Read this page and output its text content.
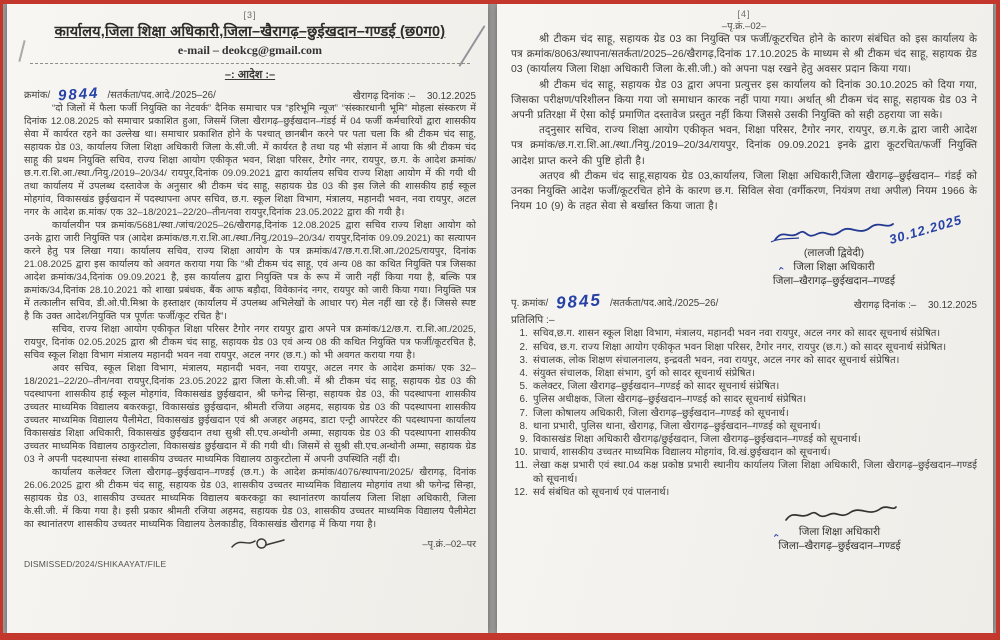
[3]
कार्यालय,जिला शिक्षा अधिकारी,जिला–खैरागढ़–छुईखदान–गण्डई (छ0ग0)
e-mail – deokcg@gmail.com
–: आदेश :–
क्रमांक/ 9844 /सतर्कता/पद.आदे./2025–26/	खैरागढ़ दिनांक :– 30.12.2025

“दो जिलों में फैला फर्जी नियुक्ति का नेटवर्क” दैनिक समाचार पत्र “हरिभूमि न्यूज” “संस्कारधानी भूमि” मोहला संस्करण में दिनांक 12.08.2025 को समाचार प्रकाशित हुआ, जिसमें जिला खैरागढ़–छुईखदान–गंडई में 04 फर्जी कर्मचारियों द्वारा शासकीय सेवा में कार्यरत रहने का उल्लेख था। समाचार प्रकाशित होने के पश्चात् छानबीन करने पर पता चला कि श्री टीकम चंद साहू, सहायक ग्रेड 03, कार्यालय जिला शिक्षा अधिकारी जिला के.सी.जी. में कार्यरत है तथा यह भी संज्ञान में आया कि श्री टीकम चंद साहू की प्रथम नियुक्ति सचिव, राज्य शिक्षा आयोग एकीकृत भवन, शिक्षा परिसर, टैगोर नगर, रायपुर, छ.ग. के आदेश क्रमांक/छ.ग.रा.शि.आ./स्था./नियु./2019–20/34/ रायपुर,दिनांक 09.09.2021 द्वारा कार्यालय सचिव राज्य शिक्षा आयोग में की गयी थी तथा कार्यालय में उपलब्ध दस्तावेज के अनुसार श्री टीकम चंद साहू, सहायक ग्रेड 03 की इस जिले की शासकीय हाई स्कूल मोहगांव, विकासखंड छुईखदान में पदस्थापना अपर सचिव, छ.ग. स्कूल शिक्षा विभाग, मंत्रालय, महानदी भवन, नवा रायपुर, अटल नगर के आदेश क्र.मांक/ एक 32–18/2021–22/20–तीन/नवा रायपुर,दिनांक 23.05.2022 द्वारा की गयी है।

कार्यालयीन पत्र क्रमांक/5681/स्था./जांच/2025–26/खैरागढ़,दिनांक 12.08.2025 द्वारा सचिव राज्य शिक्षा आयोग को उनके द्वारा जारी नियुक्ति पत्र (आदेश क्रमांक/छ.ग.रा.शि.आ./स्था./नियु./2019–20/34/ रायपुर,दिनांक 09.09.2021) का सत्यापन करने हेतु पत्र लिखा गया। कार्यालय सचिव, राज्य शिक्षा आयोग के पत्र क्रमांक/47/छ.ग.रा.शि.आ./2025/रायपुर, दिनांक 21.08.2025 द्वारा इस कार्यालय को अवगत कराया गया कि “श्री टीकम चंद साहू, एवं अन्य 08 का कथित नियुक्ति पत्र जिसका आदेश क्रमांक/34,दिनांक 09.09.2021 है, इस कार्यालय द्वारा नियुक्ति पत्र के रूप में जारी नहीं किया गया है, बल्कि पत्र क्रमांक/34,दिनांक 28.10.2021 को शाखा प्रबंधक, बैंक आफ बड़ौदा, विवेकानंद नगर, रायपुर को जारी किया गया। नियुक्ति पत्र में तत्कालीन सचिव, डी.ओ.पी.मिश्रा के हस्ताक्षर (कार्यालय में उपलब्ध अभिलेखों के आधार पर) मेल नहीं खा रहे हैं। जिससे स्पष्ट है कि उक्त आदेश/नियुक्ति पत्र पूर्णतः फर्जी/कूट रचित है”।

सचिव, राज्य शिक्षा आयोग एकीकृत शिक्षा परिसर टैगोर नगर रायपुर द्वारा अपने पत्र क्रमांक/12/छ.ग. रा.शि.आ./2025, रायपुर, दिनांक 02.05.2025 द्वारा श्री टीकम चंद साहू, सहायक ग्रेड 03 एवं अन्य 08 की कथित नियुक्ति पत्र फर्जी/कूटरचित है, सचिव स्कूल शिक्षा विभाग मंत्रालय महानदी भवन नवा रायपुर, अटल नगर (छ.ग.) को भी अवगत कराया गया है।

अवर सचिव, स्कूल शिक्षा विभाग, मंत्रालय, महानदी भवन, नवा रायपुर, अटल नगर के आदेश क्रमांक/ एक 32–18/2021–22/20–तीन/नवा रायपुर,दिनांक 23.05.2022 द्वारा जिला के.सी.जी. में श्री टीकम चंद साहू, सहायक ग्रेड 03 की पदस्थापना शासकीय हाई स्कूल मोहगांव, विकासखंड छुईखदान, श्री फगेन्द्र सिन्हा, सहायक ग्रेड 03, की पदस्थापना शासकीय उच्चतर माध्यमिक विद्यालय बकरकट्टा, विकासखंड छुईखदान, श्रीमती रजिया अहमद, सहायक ग्रेड 03 की पदस्थापना शासकीय उच्चतर माध्यमिक विद्यालय पैलीमेटा, विकासखंड छुईखदान एवं श्री अजहर अहमद, डाटा एन्ट्री आपरेटर की पदस्थापना कार्यालय विकासखंड शिक्षा अधिकारी, विकासखंड छुईखदान तथा सुश्री सी.एच.अन्थोनी अम्मा, सहायक ग्रेड 03 की पदस्थापना शासकीय उच्चतर माध्यमिक विद्यालय ठाकुरटोला, विकासखंड छुईखदान में की गयी थी। जिसमें से सुश्री सी.एच.अन्थोनी अम्मा, सहायक ग्रेड 03 ने अपनी पदस्थापना संस्था शासकीय उच्चतर माध्यमिक विद्यालय ठाकुरटोला में अपनी उपस्थिति नहीं दी।

कार्यालय कलेक्टर जिला खैरागढ़–छुईखदान–गण्डई (छ.ग.) के आदेश क्रमांक/4076/स्थापना/2025/ खैरागढ़, दिनांक 26.06.2025 द्वारा श्री टीकम चंद साहू, सहायक ग्रेड 03, शासकीय उच्चतर माध्यमिक विद्यालय मोहगांव तथा श्री फगेन्द्र सिन्हा, सहायक ग्रेड 03, शासकीय उच्चतर माध्यमिक विद्यालय बकरकट्टा का स्थानांतरण कार्यालय जिला शिक्षा अधिकारी, जिला के.सी.जी. में किया गया है। इसी प्रकार श्रीमती रजिया अहमद, सहायक ग्रेड 03, शासकीय उच्चतर माध्यमिक विद्यालय पैलीमेटा का स्थानांतरण शासकीय उच्चतर माध्यमिक विद्यालय ठेलकाडीह, विकासखंड खैरागढ़ में किया गया है।

–पृ.क्रं.–02–पर
DISMISSED/2024/SHIKAAYAT/FILE
[4]
–पृ.क्रं.–02–

श्री टीकम चंद साहू, सहायक ग्रेड 03 का नियुक्ति पत्र फर्जी/कूटरचित होने के कारण संबंधित को इस कार्यालय के पत्र क्रमांक/8063/स्थापना/सतर्कता/2025–26/खैरागढ़,दिनांक 17.10.2025 के माध्यम से श्री टीकम चंद साहू, सहायक ग्रेड 03 (कार्यालय जिला शिक्षा अधिकारी जिला के.सी.जी.) को अपना पक्ष रखने हेतु अवसर प्रदान किया गया।

श्री टीकम चंद साहू, सहायक ग्रेड 03 द्वारा अपना प्रत्युत्तर इस कार्यालय को दिनांक 30.10.2025 को दिया गया, जिसका परीक्षण/परिशीलन किया गया जो समाधान कारक नहीं पाया गया। अर्थात् श्री टीकम चंद साहू, सहायक ग्रेड 03 ने अपनी प्रतिरक्षा में ऐसा कोई प्रमाणित दस्तावेज प्रस्तुत नहीं किया जिससे उसकी नियुक्ति को सही ठहराया जा सके।

तद्नुसार सचिव, राज्य शिक्षा आयोग एकीकृत भवन, शिक्षा परिसर, टैगोर नगर, रायपुर, छ.ग.के द्वारा जारी आदेश पत्र क्रमांक/छ.ग.रा.शि.आ./स्था./नियु./2019–20/34/रायपुर, दिनांक 09.09.2021 इनके द्वारा कूटरचित/फर्जी नियुक्ति आदेश प्राप्त करने की पुष्टि होती है।

अतएव श्री टीकम चंद साहू,सहायक ग्रेड 03,कार्यालय, जिला शिक्षा अधिकारी,जिला खैरागढ़–छुईखदान– गंडई को उनका नियुक्ति आदेश फर्जी/कूटरचित होने के कारण छ.ग. सिविल सेवा (वर्गीकरण, नियंत्रण तथा अपील) नियम 1966 के नियम 10 (9) के तहत सेवा से बर्खास्त किया जाता है।

30.12.2025
(लालजी द्विवेदी)
जिला शिक्षा अधिकारी
जिला–खैरागढ़–छुईखदान–गण्डई
⌃
पृ. क्रमांक/ 9845 /सतर्कता/पद.आदे./2025–26/	खैरागढ़ दिनांक :– 30.12.2025
प्रतिलिपि :–
1. सचिव,छ.ग. शासन स्कूल शिक्षा विभाग, मंत्रालय, महानदी भवन नवा रायपुर, अटल नगर को सादर सूचनार्थ संप्रेषित।
2. सचिव, छ.ग. राज्य शिक्षा आयोग एकीकृत भवन शिक्षा परिसर, टैगोर नगर, रायपुर (छ.ग.) को सादर सूचनार्थ संप्रेषित।
3. संचालक, लोक शिक्षण संचालनालय, इन्द्रवती भवन, नवा रायपुर, अटल नगर को सादर सूचनार्थ संप्रेषित।
4. संयुक्त संचालक, शिक्षा संभाग, दुर्ग को सादर सूचनार्थ संप्रेषित।
5. कलेक्टर, जिला खैरागढ़–छुईखदान–गण्डई को सादर सूचनार्थ संप्रेषित।
6. पुलिस अधीक्षक, जिला खैरागढ़–छुईखदान–गण्डई को सादर सूचनार्थ संप्रेषित।
7. जिला कोषालय अधिकारी, जिला खैरागढ़–छुईखदान–गण्डई को सूचनार्थ।
8. थाना प्रभारी, पुलिस थाना, खैरागढ़, जिला खैरागढ़–छुईखदान–गण्डई को सूचनार्थ।
9. विकासखंड शिक्षा अधिकारी खैरागढ़/छुईखदान, जिला खैरागढ़–छुईखदान–गण्डई को सूचनार्थ।
10. प्राचार्य, शासकीय उच्चतर माध्यमिक विद्यालय मोहगांव, वि.खं.छुईखदान को सूचनार्थ।
11. लेखा कक्ष प्रभारी एवं स्था.04 कक्ष प्रकोष्ठ प्रभारी स्थानीय कार्यालय जिला शिक्षा अधिकारी, जिला खैरागढ़–छुईखदान–गण्डई को सूचनार्थ।
12. सर्व संबंधित को सूचनार्थ एवं पालनार्थ।
जिला शिक्षा अधिकारी
जिला–खैरागढ़–छुईखदान–गण्डई
⌃
